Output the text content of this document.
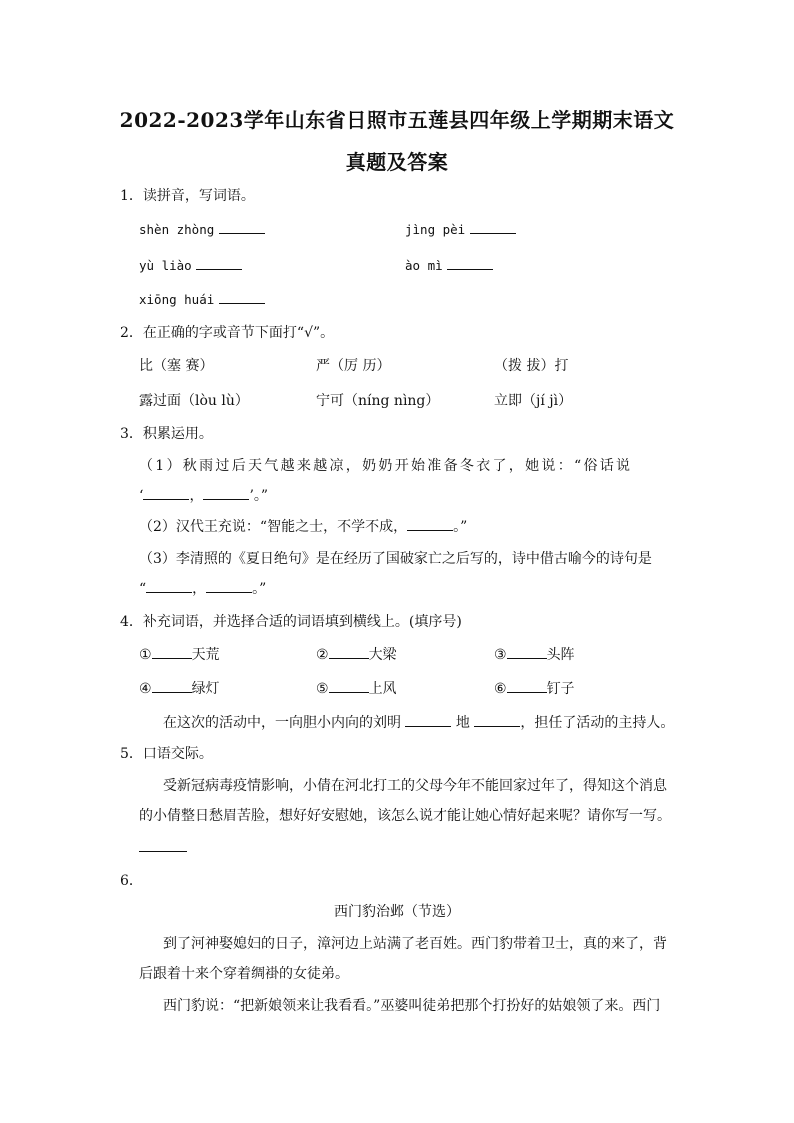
2022-2023学年山东省日照市五莲县四年级上学期期末语文
真题及答案
1．读拼音，写词语。
shèn zhòng	jìng pèi
yù liào	ào mì
xiōng huái
2．在正确的字或音节下面打“√”。
比（塞 赛）	严（厉 历）	（拨 拔）打
露过面（lòu lù）	宁可（níng nìng）	立即（jí jì）
3．积累运用。
（1）秋雨过后天气越来越凉，奶奶开始准备冬衣了，她说：“俗话说
‘	，	’。”
（2）汉代王充说：“智能之士，不学不成，	。”
（3）李清照的《夏日绝句》是在经历了国破家亡之后写的，诗中借古喻今的诗句是
“	，	。”
4．补充词语，并选择合适的词语填到横线上。(填序号)
①	天荒	②	大梁	③	头阵
④	绿灯	⑤	上风	⑥	钉子
在这次的活动中，一向胆小内向的刘明	地	，担任了活动的主持人。
5．口语交际。
受新冠病毒疫情影响，小倩在河北打工的父母今年不能回家过年了，得知这个消息
的小倩整日愁眉苦脸，想好好安慰她，该怎么说才能让她心情好起来呢？请你写一写。
6．
西门豹治邺（节选）
到了河神娶媳妇的日子，漳河边上站满了老百姓。西门豹带着卫士，真的来了，背
后跟着十来个穿着绸褂的女徒弟。
西门豹说：“把新娘领来让我看看。”巫婆叫徒弟把那个打扮好的姑娘领了来。西门
